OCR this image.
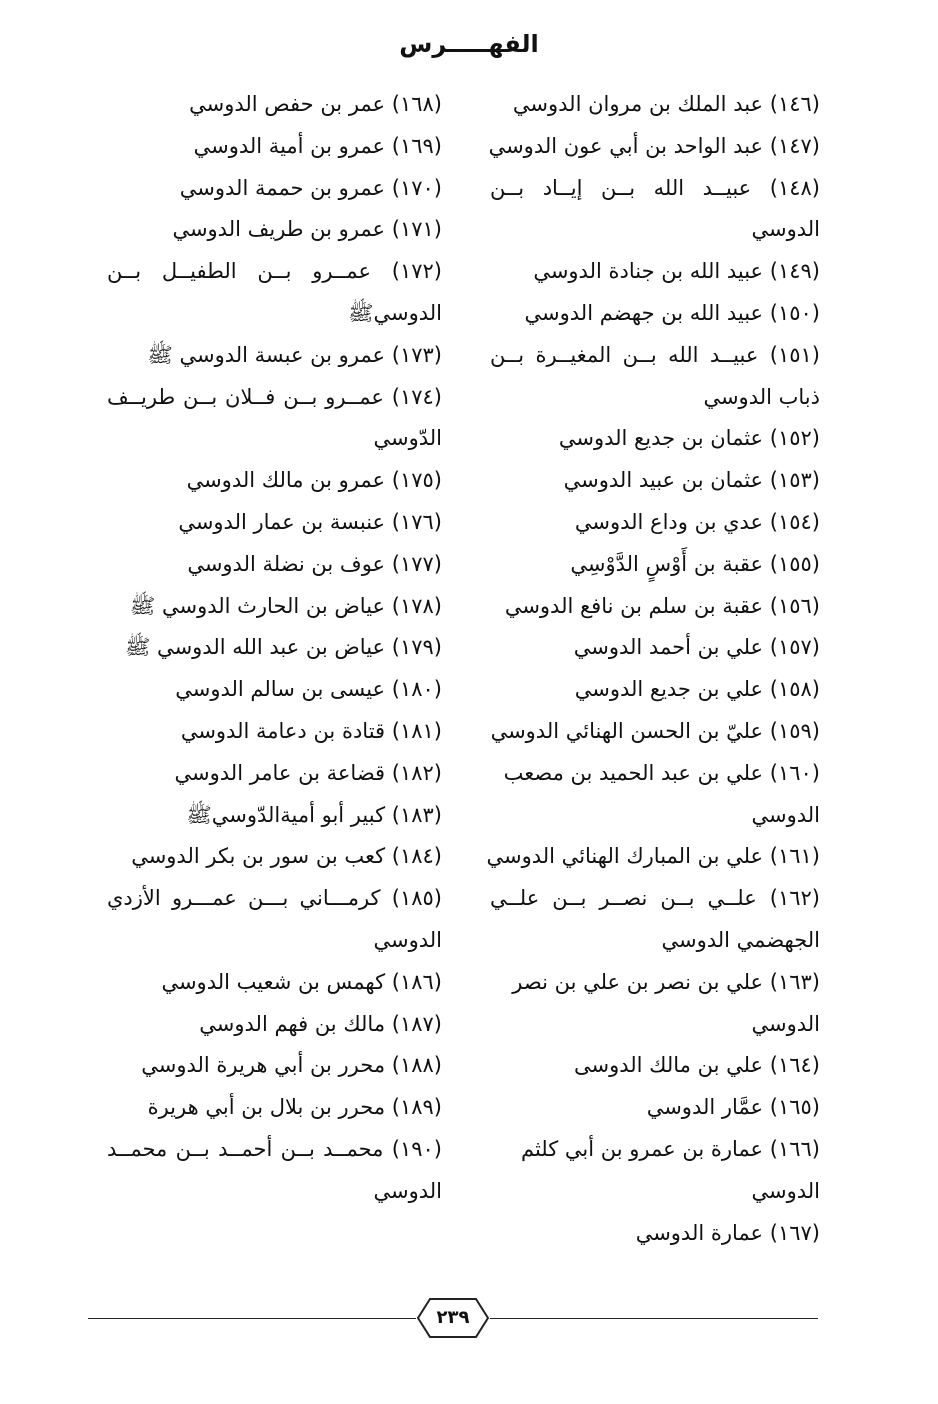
الفهـــــرس
(١٤٦) عبد الملك بن مروان الدوسي
(١٤٧) عبد الواحد بن أبي عون الدوسي
(١٤٨) عبيــد الله بــن إيــاد بــن
الدوسي
(١٤٩) عبيد الله بن جنادة الدوسي
(١٥٠) عبيد الله بن جهضم الدوسي
(١٥١) عبيــد الله بــن المغيــرة بــن
ذباب الدوسي
(١٥٢) عثمان بن جديع الدوسي
(١٥٣) عثمان بن عبيد الدوسي
(١٥٤) عدي بن وداع الدوسي
(١٥٥) عقبة بن أَوْسٍ الدَّوْسِي
(١٥٦) عقبة بن سلم بن نافع الدوسي
(١٥٧) علي بن أحمد الدوسي
(١٥٨) علي بن جديع الدوسي
(١٥٩) عليّ بن الحسن الهنائي الدوسي
(١٦٠) علي بن عبد الحميد بن مصعب
الدوسي
(١٦١) علي بن المبارك الهنائي الدوسي
(١٦٢) علــي بــن نصــر بــن علــي
الجهضمي الدوسي
(١٦٣) علي بن نصر بن علي بن نصر
الدوسي
(١٦٤) علي بن مالك الدوسى
(١٦٥) عمَّار الدوسي
(١٦٦) عمارة بن عمرو بن أبي كلثم
الدوسي
(١٦٧) عمارة الدوسي
(١٦٨) عمر بن حفص الدوسي
(١٦٩) عمرو بن أمية الدوسي
(١٧٠) عمرو بن حممة الدوسي
(١٧١) عمرو بن طريف الدوسي
(١٧٢) عمــرو بــن الطفيــل بــن
الدوسيﷺ
(١٧٣) عمرو بن عبسة الدوسي ﷺ
(١٧٤) عمــرو بــن فــلان بــن طريــف
الدّوسي
(١٧٥) عمرو بن مالك الدوسي
(١٧٦) عنبسة بن عمار الدوسي
(١٧٧) عوف بن نضلة الدوسي
(١٧٨) عياض بن الحارث الدوسي ﷺ
(١٧٩) عياض بن عبد الله الدوسي ﷺ
(١٨٠) عيسى بن سالم الدوسي
(١٨١) قتادة بن دعامة الدوسي
(١٨٢) قضاعة بن عامر الدوسي
(١٨٣) كبير أبو أميةالدّوسيﷺ
(١٨٤) كعب بن سور بن بكر الدوسي
(١٨٥) كرمـــاني بـــن عمـــرو الأزدي
الدوسي
(١٨٦) كهمس بن شعيب الدوسي
(١٨٧) مالك بن فهم الدوسي
(١٨٨) محرر بن أبي هريرة الدوسي
(١٨٩) محرر بن بلال بن أبي هريرة
(١٩٠) محمــد بــن أحمــد بــن محمــد
الدوسي
٢٣٩
